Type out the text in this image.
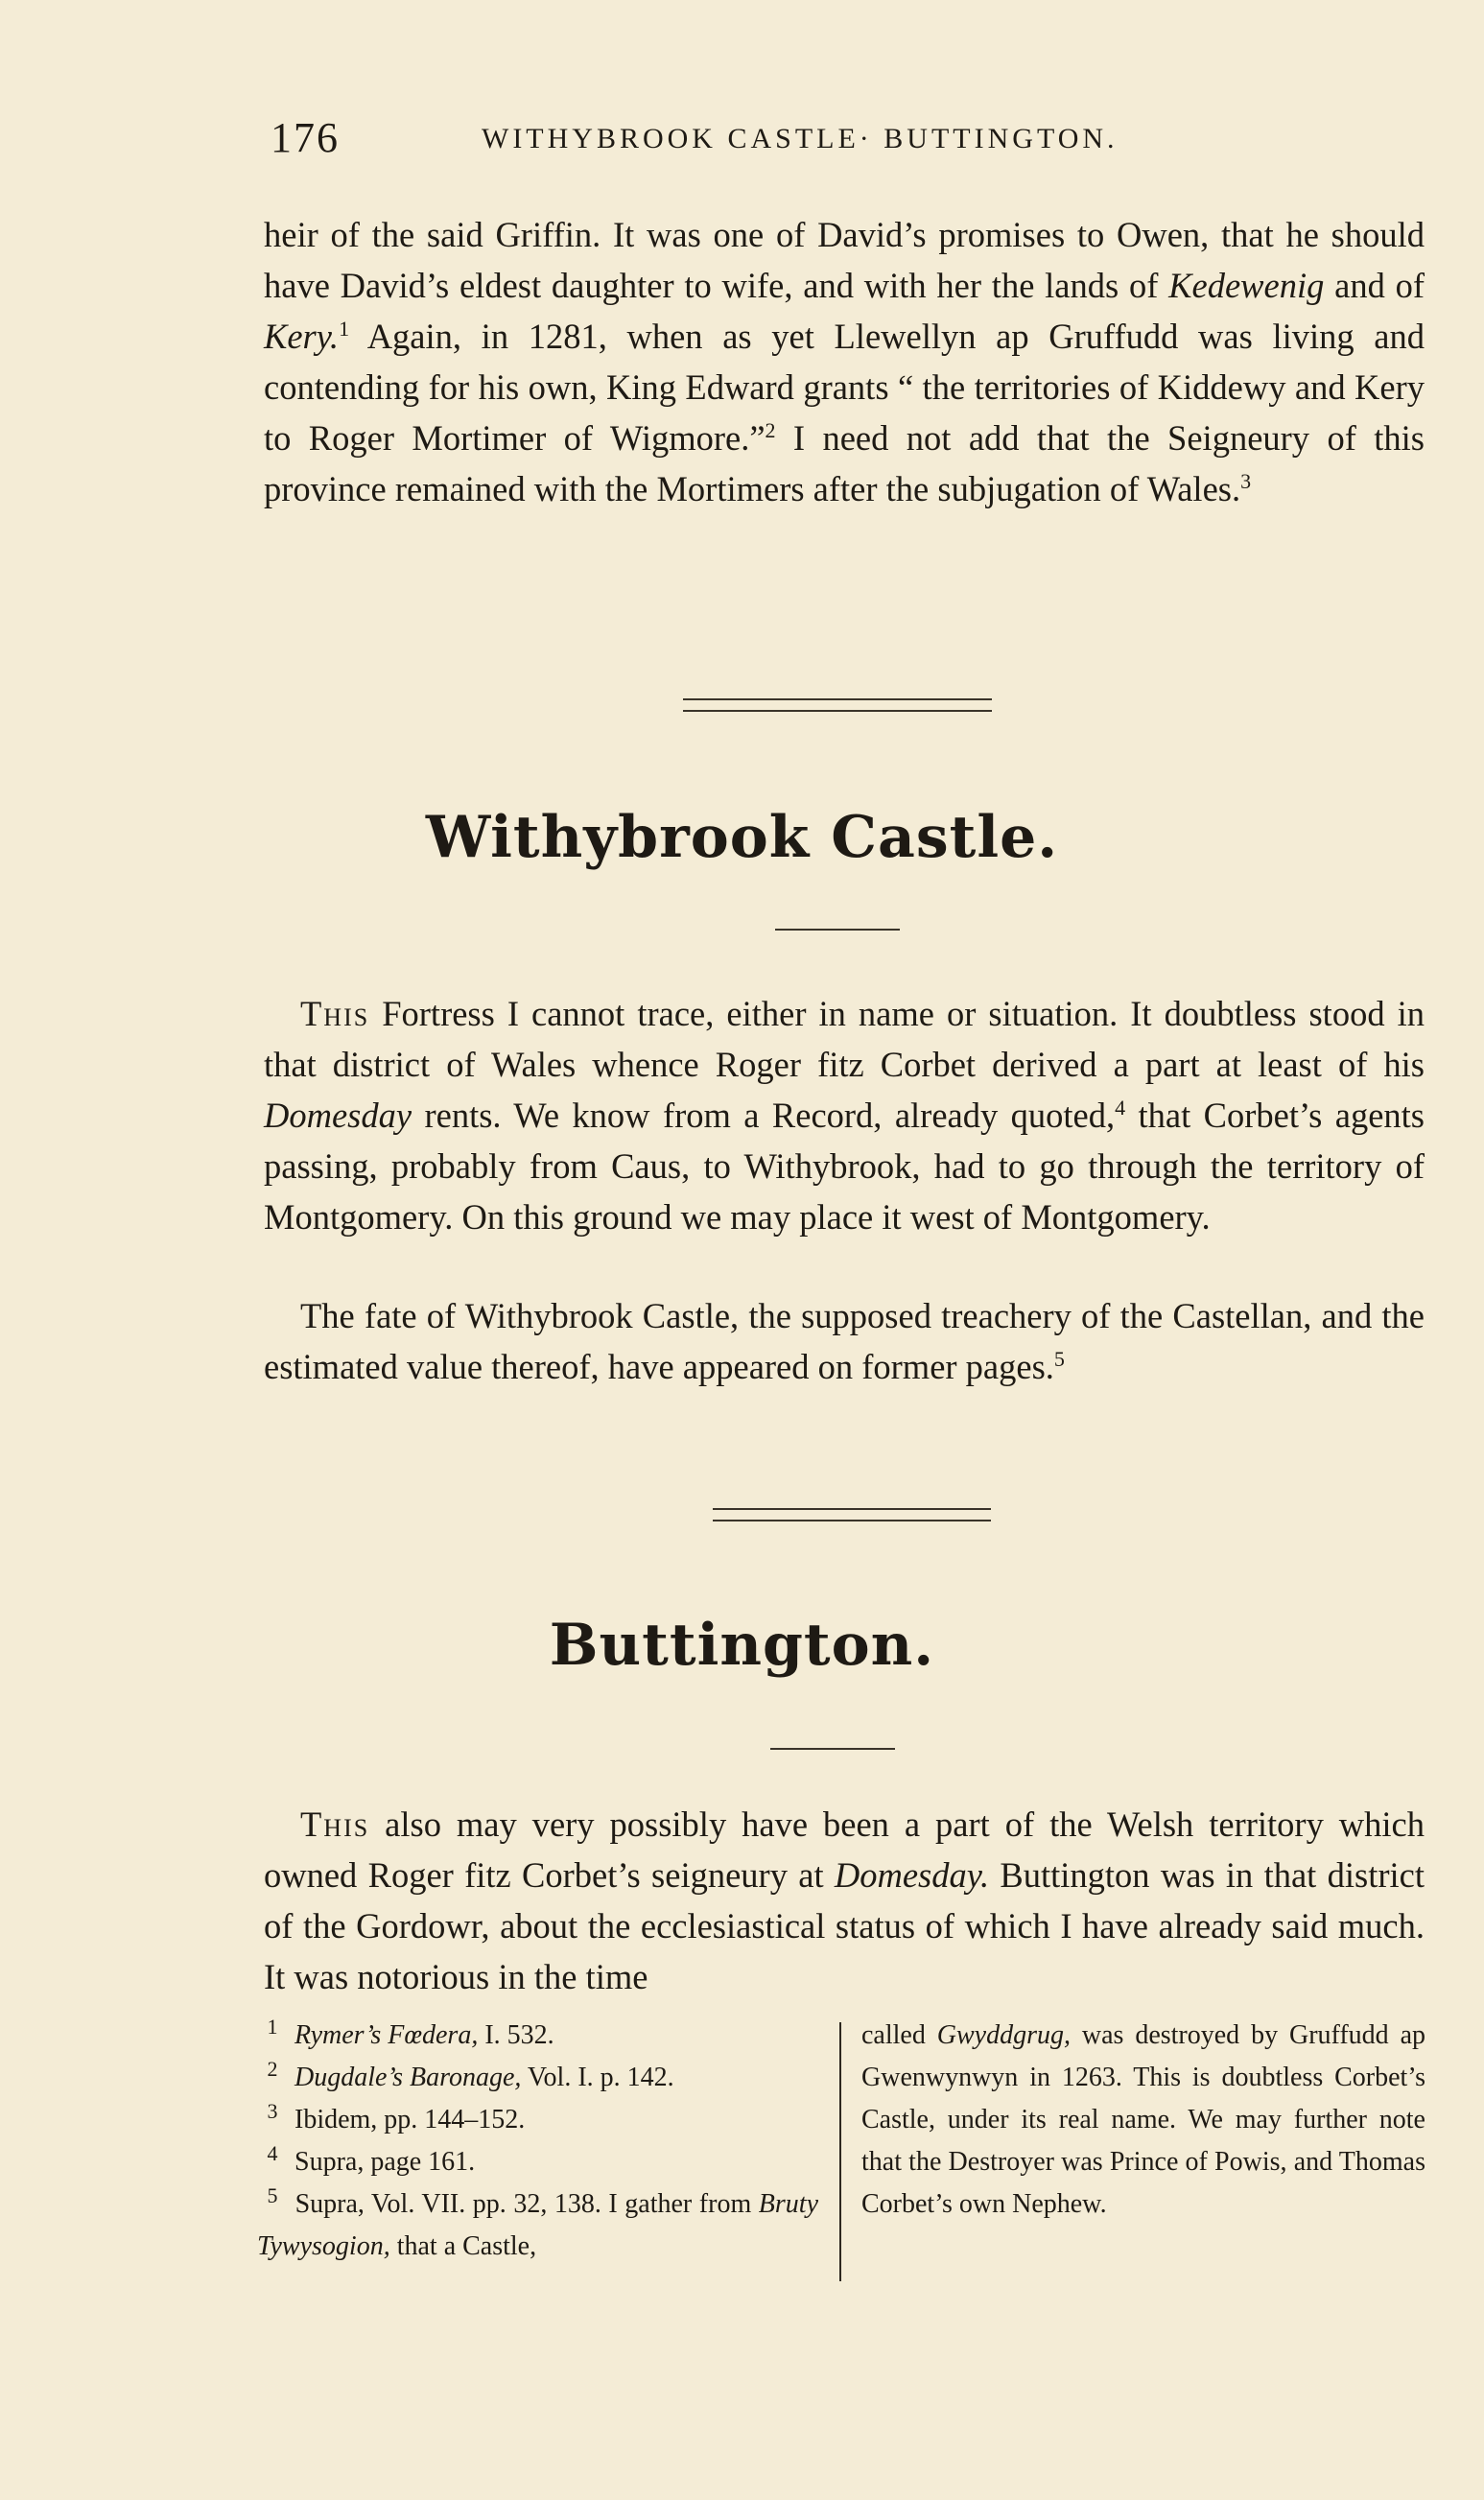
176	WITHYBROOK CASTLE· BUTTINGTON.

heir of the said Griffin. It was one of David’s promises to Owen, that he should have David’s eldest daughter to wife, and with her the lands of Kedewenig and of Kery.$^1$ Again, in 1281, when as yet Llewellyn ap Gruffudd was living and contending for his own, King Edward grants “ the territories of Kiddewy and Kery to Roger Mortimer of Wigmore.”$^2$ I need not add that the Seigneury of this province remained with the Mortimers after the subjugation of Wales.$^3$

Withybrook Castle.

This Fortress I cannot trace, either in name or situation. It doubtless stood in that district of Wales whence Roger fitz Corbet derived a part at least of his Domesday rents. We know from a Record, already quoted,$^4$ that Corbet’s agents passing, probably from Caus, to Withybrook, had to go through the territory of Montgomery. On this ground we may place it west of Montgomery.

The fate of Withybrook Castle, the supposed treachery of the Castellan, and the estimated value thereof, have appeared on former pages.$^5$

Buttington.

This also may very possibly have been a part of the Welsh territory which owned Roger fitz Corbet’s seigneury at Domesday. Buttington was in that district of the Gordowr, about the ecclesiastical status of which I have already said much. It was notorious in the time

$^1$ Rymer’s Fœdera, I. 532.
$^2$ Dugdale’s Baronage, Vol. I. p. 142.
$^3$ Ibidem, pp. 144–152.
$^4$ Supra, page 161.
$^5$ Supra, Vol. VII. pp. 32, 138. I gather from Bruty Tywysogion, that a Castle,
called Gwyddgrug, was destroyed by Gruffudd ap Gwenwynwyn in 1263. This is doubtless Corbet’s Castle, under its real name. We may further note that the Destroyer was Prince of Powis, and Thomas Corbet’s own Nephew.
